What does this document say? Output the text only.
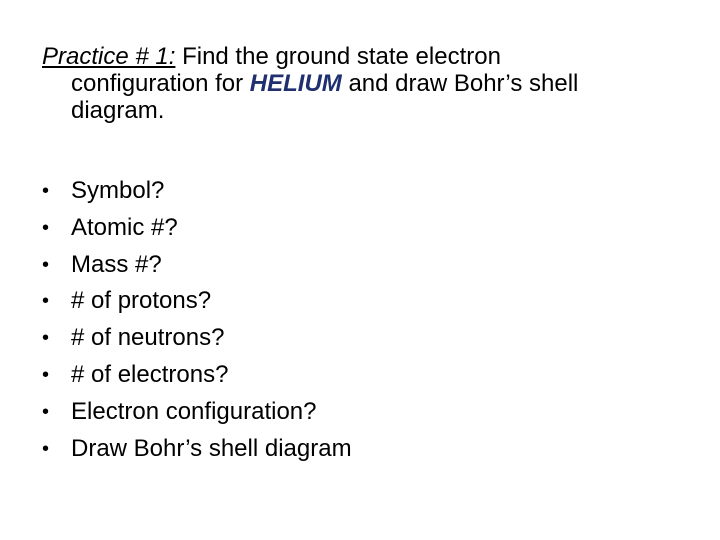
Practice # 1: Find the ground state electron
configuration for HELIUM and draw Bohr’s shell
diagram.
• Symbol?
• Atomic #?
• Mass #?
• # of protons?
• # of neutrons?
• # of electrons?
• Electron configuration?
• Draw Bohr’s shell diagram
